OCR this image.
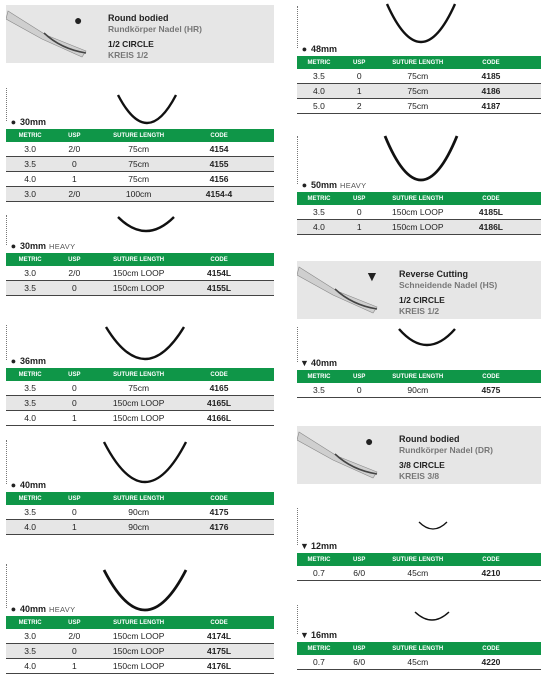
●	Round bodied
Rundkörper Nadel (HR)
1/2 CIRCLE
KREIS 1/2
● 30mm
METRIC	USP	SUTURE LENGTH	CODE
3.0	2/0	75cm	4154
3.5	0	75cm	4155
4.0	1	75cm	4156
3.0	2/0	100cm	4154-4
● 30mm HEAVY
METRIC	USP	SUTURE LENGTH	CODE
3.0	2/0	150cm LOOP	4154L
3.5	0	150cm LOOP	4155L
● 36mm
METRIC	USP	SUTURE LENGTH	CODE
3.5	0	75cm	4165
3.5	0	150cm LOOP	4165L
4.0	1	150cm LOOP	4166L
● 40mm
METRIC	USP	SUTURE LENGTH	CODE
3.5	0	90cm	4175
4.0	1	90cm	4176
● 40mm HEAVY
METRIC	USP	SUTURE LENGTH	CODE
3.0	2/0	150cm LOOP	4174L
3.5	0	150cm LOOP	4175L
4.0	1	150cm LOOP	4176L
▼ Reverse Cutting
Schneidende Nadel (HS)
1/2 CIRCLE
KREIS 1/2
●	Round bodied
Rundkörper Nadel (DR)
3/8 CIRCLE
KREIS 3/8
● 48mm
METRIC	USP	SUTURE LENGTH	CODE
3.5	0	75cm	4185
4.0	1	75cm	4186
5.0	2	75cm	4187
● 50mm HEAVY
METRIC	USP	SUTURE LENGTH	CODE
3.5	0	150cm LOOP	4185L
4.0	1	150cm LOOP	4186L
▼ 40mm
METRIC	USP	SUTURE LENGTH	CODE
3.5	0	90cm	4575
▼ 12mm
METRIC	USP	SUTURE LENGTH	CODE
0.7	6/0	45cm	4210
▼ 16mm
METRIC	USP	SUTURE LENGTH	CODE
0.7	6/0	45cm	4220
